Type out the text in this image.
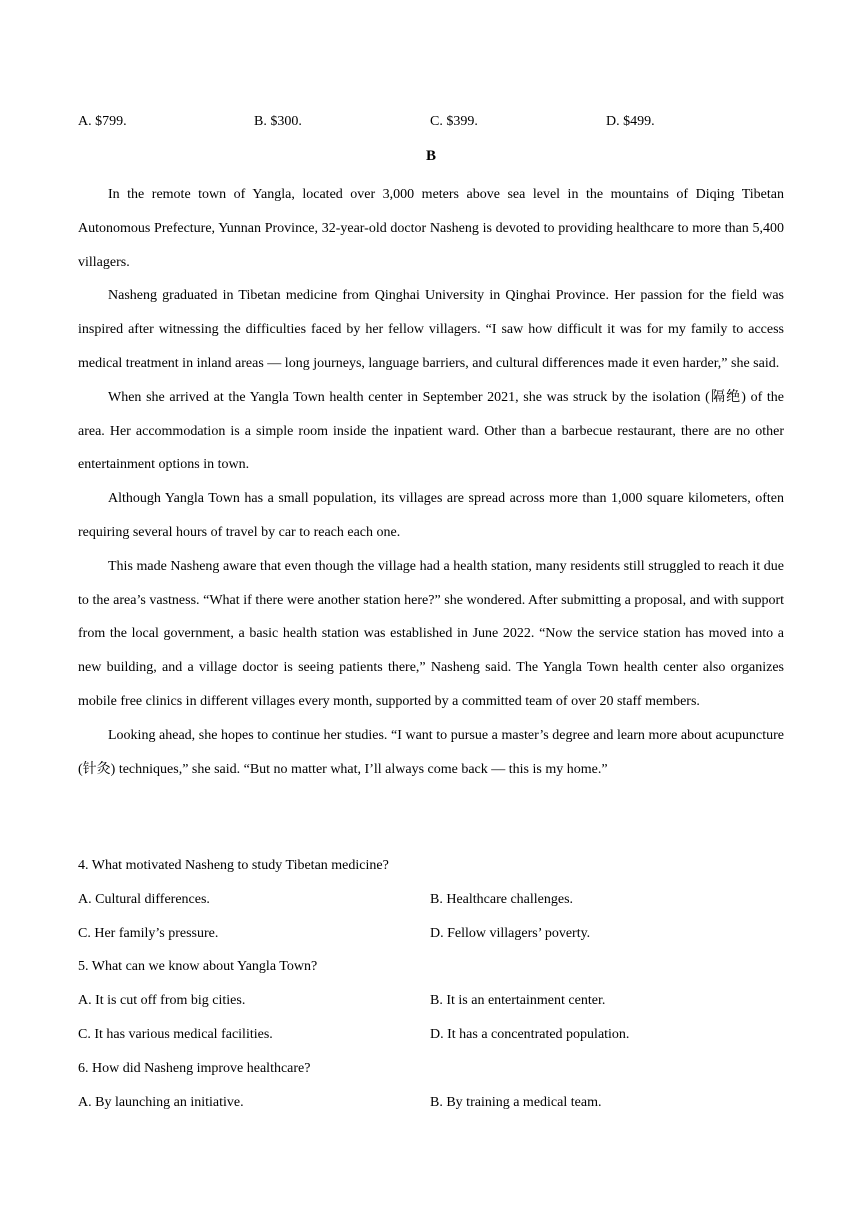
A. $799.	B. $300.	C. $399.	D. $499.
B

In the remote town of Yangla, located over 3,000 meters above sea level in the mountains of Diqing Tibetan Autonomous Prefecture, Yunnan Province, 32-year-old doctor Nasheng is devoted to providing healthcare to more than 5,400 villagers.

Nasheng graduated in Tibetan medicine from Qinghai University in Qinghai Province. Her passion for the field was inspired after witnessing the difficulties faced by her fellow villagers. “I saw how difficult it was for my family to access medical treatment in inland areas — long journeys, language barriers, and cultural differences made it even harder,” she said.

When she arrived at the Yangla Town health center in September 2021, she was struck by the isolation (隔绝) of the area. Her accommodation is a simple room inside the inpatient ward. Other than a barbecue restaurant, there are no other entertainment options in town.

Although Yangla Town has a small population, its villages are spread across more than 1,000 square kilometers, often requiring several hours of travel by car to reach each one.

This made Nasheng aware that even though the village had a health station, many residents still struggled to reach it due to the area’s vastness. “What if there were another station here?” she wondered. After submitting a proposal, and with support from the local government, a basic health station was established in June 2022. “Now the service station has moved into a new building, and a village doctor is seeing patients there,” Nasheng said. The Yangla Town health center also organizes mobile free clinics in different villages every month, supported by a committed team of over 20 staff members.

Looking ahead, she hopes to continue her studies. “I want to pursue a master’s degree and learn more about acupuncture (针灸) techniques,” she said. “But no matter what, I’ll always come back — this is my home.”

4. What motivated Nasheng to study Tibetan medicine?
A. Cultural differences.	B. Healthcare challenges.
C. Her family’s pressure.	D. Fellow villagers’ poverty.
5. What can we know about Yangla Town?
A. It is cut off from big cities.	B. It is an entertainment center.
C. It has various medical facilities.	D. It has a concentrated population.
6. How did Nasheng improve healthcare?
A. By launching an initiative.	B. By training a medical team.
